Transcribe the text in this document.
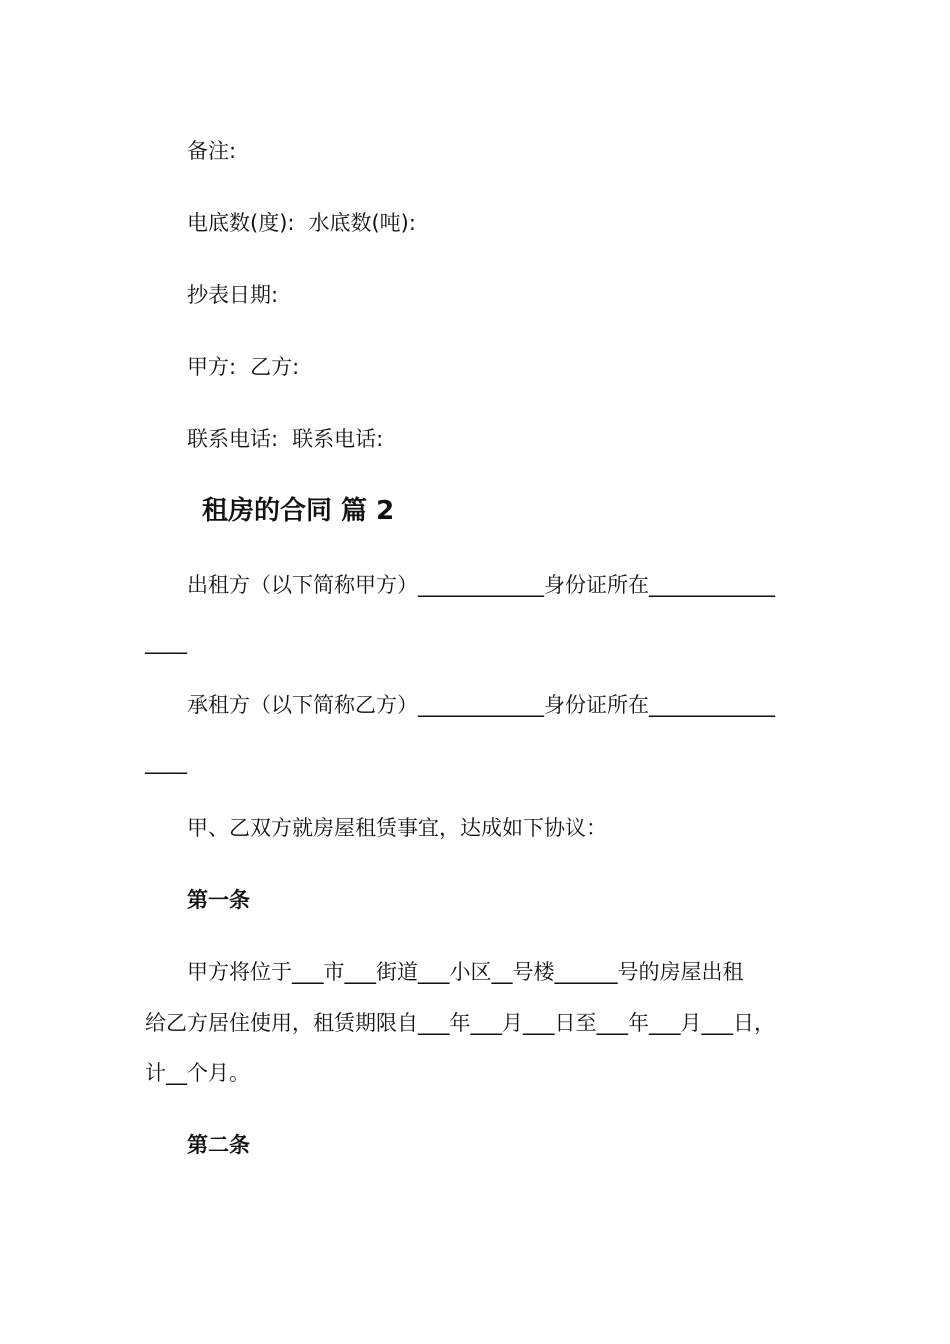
备注:
电底数(度): 水底数(吨):
抄表日期:
甲方: 乙方:
联系电话: 联系电话:
租房的合同 篇 2
出租方（以下简称甲方）____________身份证所在____________
____
承租方（以下简称乙方）____________身份证所在____________
____
甲、乙双方就房屋租赁事宜，达成如下协议：
第一条
甲方将位于___市___街道___小区__号楼______号的房屋出租
给乙方居住使用，租赁期限自___年___月___日至___年___月___日，
计__个月。
第二条
